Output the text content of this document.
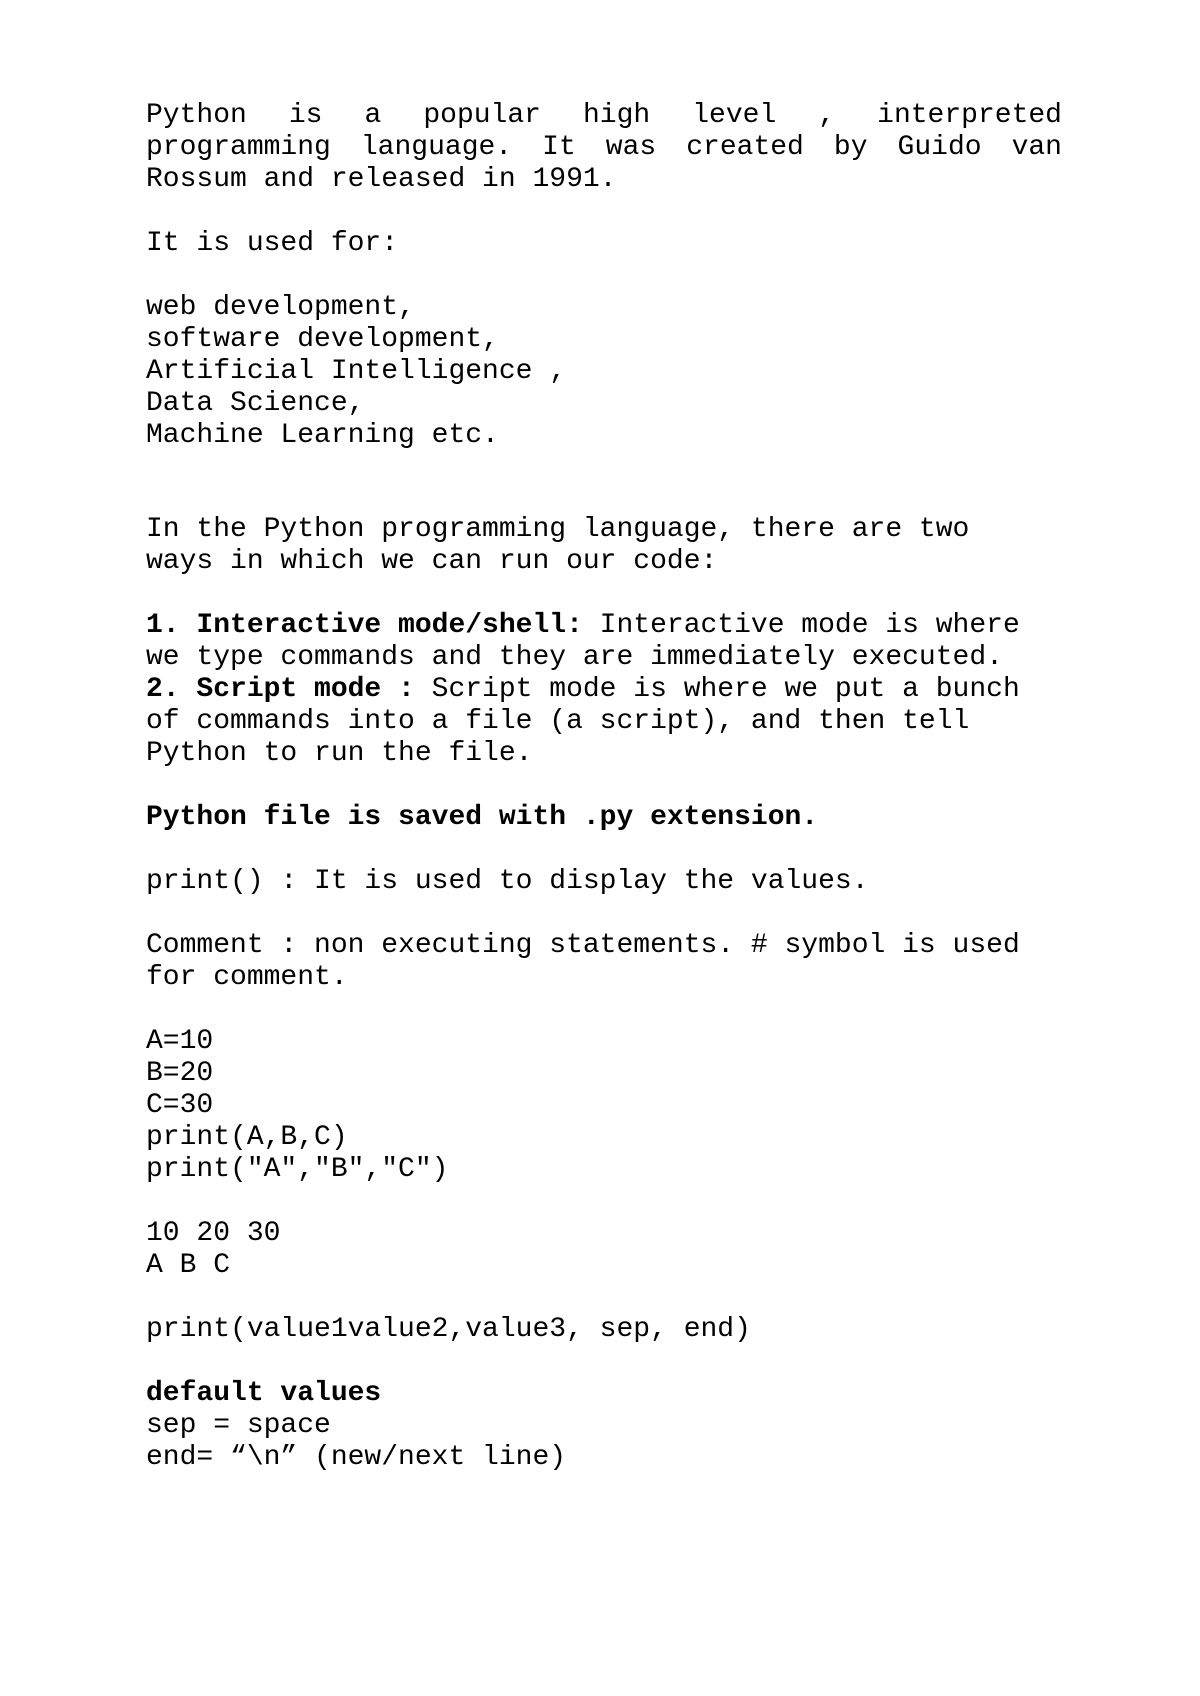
Python is a popular high level , interpreted
programming language. It was created by Guido van
Rossum and released in 1991.
It is used for:
web development,
software development,
Artificial Intelligence ,
Data Science,
Machine Learning etc.
In the Python programming language, there are two
ways in which we can run our code:
1. Interactive mode/shell: Interactive mode is where
we type commands and they are immediately executed.
2. Script mode : Script mode is where we put a bunch
of commands into a file (a script), and then tell
Python to run the file.
Python file is saved with .py extension.
print() : It is used to display the values.
Comment : non executing statements. # symbol is used
for comment.
A=10
B=20
C=30
print(A,B,C)
print("A","B","C")
10 20 30
A B C
print(value1value2,value3, sep, end)
default values
sep = space
end= “\n” (new/next line)
